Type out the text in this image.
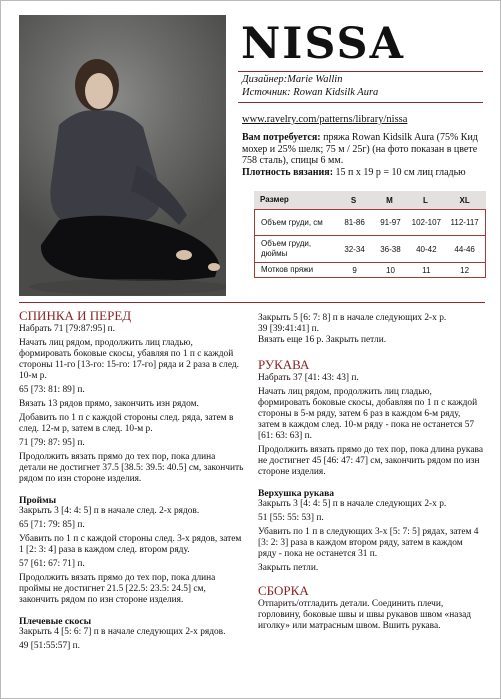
NISSA
Дизайнер:Marie Wallin
Источник: Rowan Kidsilk Aura
www.ravelry.com/patterns/library/nissa
Вам потребуется: пряжа Rowan Kidsilk Aura (75% Кид мохер и 25% шелк; 75 м / 25г) (на фото показан в цвете 758 сталь), спицы 6 мм.
Плотность вязания: 15 п х 19 р = 10 см лиц гладью
Размер	S	M	L	XL
Объем груди, см	81-86	91-97	102-107	112-117
Объем груди, дюймы	32-34	36-38	40-42	44-46
Мотков пряжи	9	10	11	12
СПИНКА И ПЕРЕД
Набрать 71 [79:87:95] п.
Начать лиц рядом, продолжить лиц гладью, формировать боковые скосы, убавляя по 1 п с каждой стороны 11-го [13-го: 15-го: 17-го] ряда и 2 раза в след. 10-м р.
65 [73: 81: 89] п.
Вязать 13 рядов прямо, закончить изн рядом.
Добавить по 1 п с каждой стороны след. ряда, затем в след. 12-м р, затем в след. 10-м р.
71 [79: 87: 95] п.
Продолжить вязать прямо до тех пор, пока длина детали не достигнет 37.5 [38.5: 39.5: 40.5] см, закончить рядом по изн стороне изделия.
Проймы
Закрыть 3 [4: 4: 5] п в начале след. 2-х рядов.
65 [71: 79: 85] п.
Убавить по 1 п с каждой стороны след. 3-х рядов, затем 1 [2: 3: 4] раза в каждом след. втором ряду.
57 [61: 67: 71] п.
Продолжить вязать прямо до тех пор, пока длина проймы не достигнет 21.5 [22.5: 23.5: 24.5] см, закончить рядом по изн стороне изделия.
Плечевые скосы
Закрыть 4 [5: 6: 7] п в начале следующих 2-х рядов.
49 [51:55:57] п.
Закрыть 5 [6: 7: 8] п в начале следующих 2-х р.
39 [39:41:41] п.
Вязать еще 16 р. Закрыть петли.
РУКАВА
Набрать 37 [41: 43: 43] п.
Начать лиц рядом, продолжить лиц гладью, формировать боковые скосы, добавляя по 1 п с каждой стороны в 5-м ряду, затем 6 раз в каждом 6-м ряду, затем в каждом след. 10-м ряду - пока не останется 57 [61: 63: 63] п.
Продолжить вязать прямо до тех пор, пока длина рукава не достигнет 45 [46: 47: 47] см, закончить рядом по изн стороне изделия.
Верхушка рукава
Закрыть 3 [4: 4: 5] п в начале следующих 2-х р.
51 [55: 55: 53] п.
Убавить по 1 п в следующих 3-х [5: 7: 5] рядах, затем 4 [3: 2: 3] раза в каждом втором ряду, затем в каждом ряду - пока не останется 31 п.
Закрыть петли.
СБОРКА
Отпарить/отгладить детали. Соединить плечи, горловину, боковые швы и швы рукавов швом «назад иголку» или матрасным швом. Вшить рукава.
